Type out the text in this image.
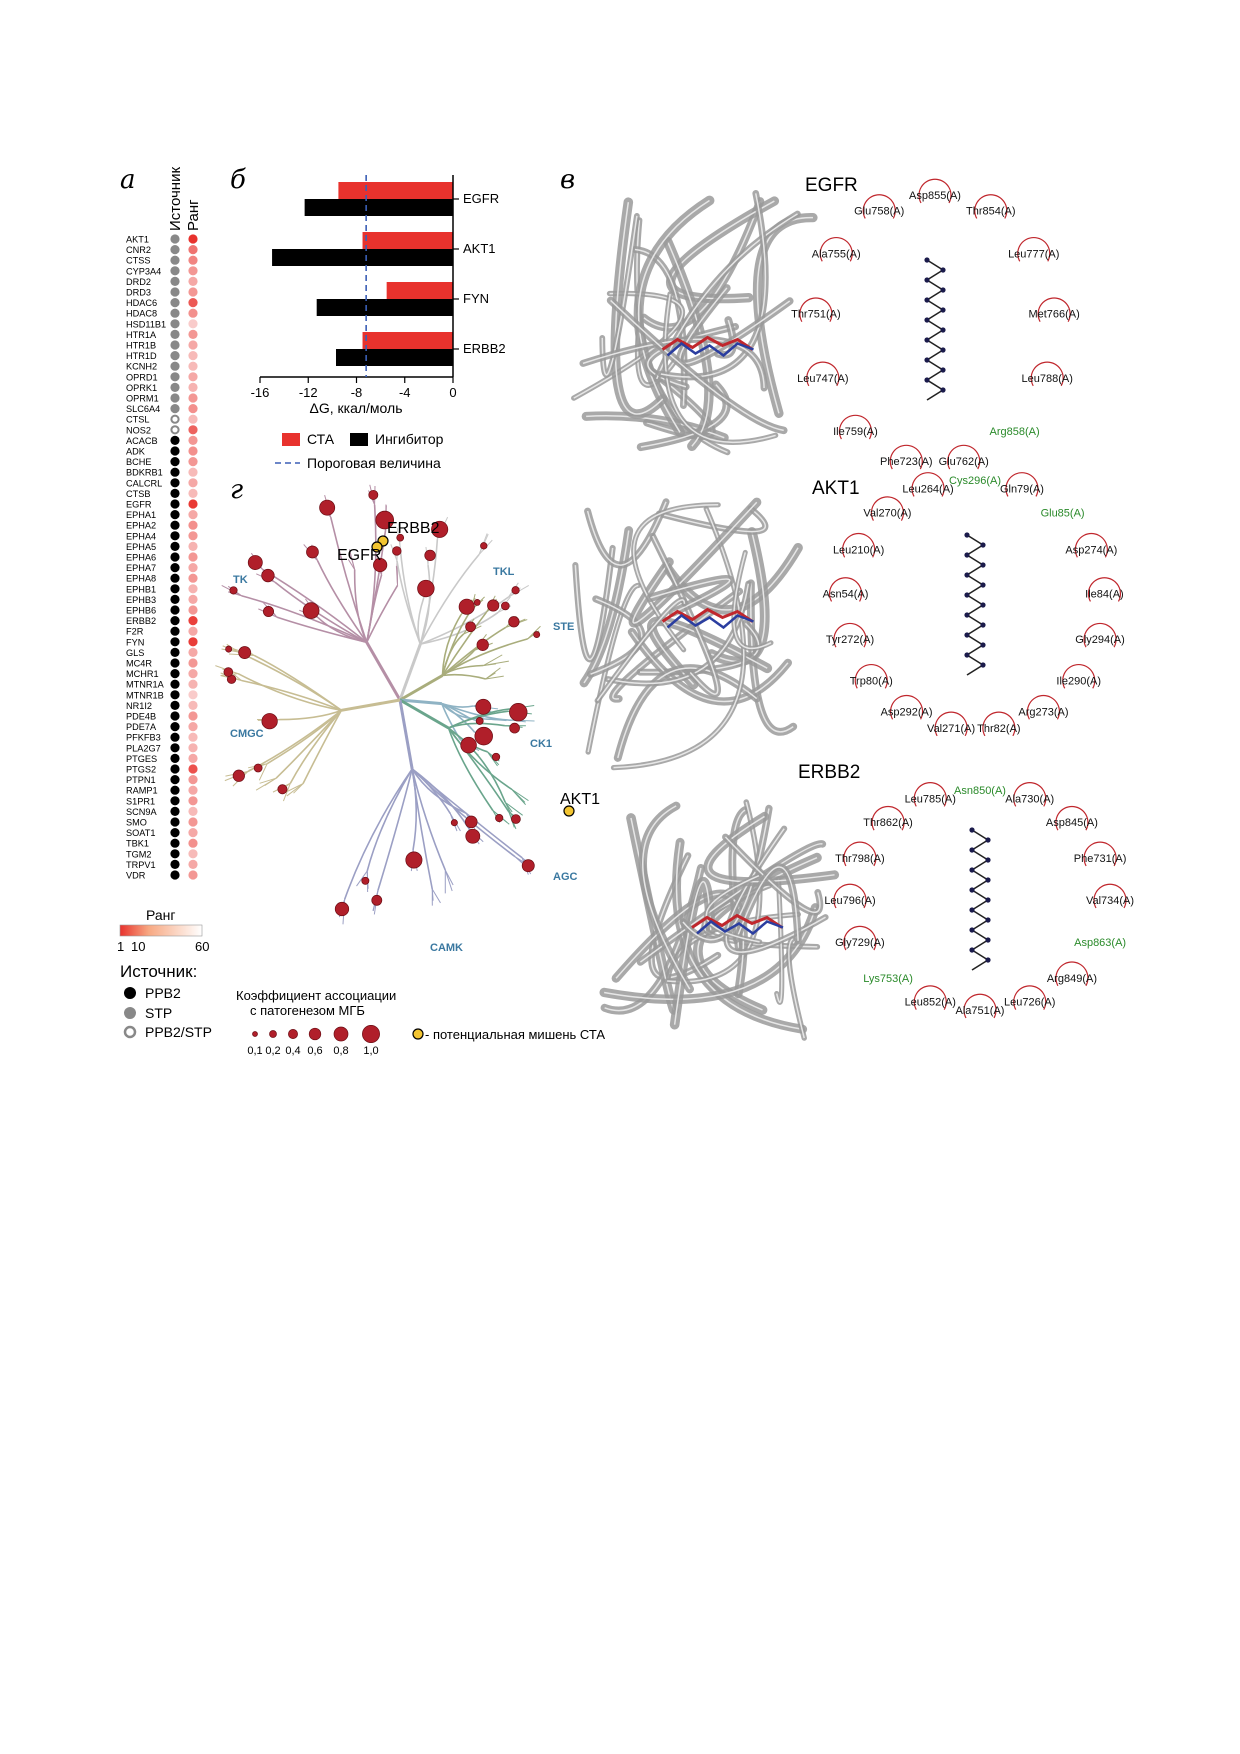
а	б	в
г
Источник Ранг
AKT1
CNR2
CTSS
CYP3A4
DRD2
DRD3
HDAC6
HDAC8
HSD11B1
HTR1A
HTR1B
HTR1D
KCNH2
OPRD1
OPRK1
OPRM1
SLC6A4
CTSL
NOS2
ACACB
ADK
BCHE
BDKRB1
CALCRL
CTSB
EGFR
EPHA1
EPHA2
EPHA4
EPHA5
EPHA6
EPHA7
EPHA8
EPHB1
EPHB3
EPHB6
ERBB2
F2R
FYN
GLS
MC4R
MCHR1
MTNR1A
MTNR1B
NR1I2
PDE4B
PDE7A
PFKFB3
PLA2G7
PTGES
PTGS2
PTPN1
RAMP1
S1PR1
SCN9A
SMO
SOAT1
TBK1
TGM2
TRPV1
VDR
Ранг
1 10	60
Источник:
PPB2
STP
PPB2/STP
-16 -12	-8	-4	0
EGFR
AKT1
FYN
ERBB2
ΔG, ккал/моль
СТА	Ингибитор
Пороговая величина
TK
TKL
STE
CK1
AGC
CAMK
CMGC
ERBB2
EGFR
AKT1
Коэффициент ассоциации
с патогенезом МГБ
0,1 0,2 0,4 0,6 0,8 1,0
- потенциальная мишень СТА
EGFR
AKT1
ERBB2
Asp855(A)
Thr854(A)
Leu777(A)
Met766(A)
Leu788(A)
Arg858(A)
Glu762(A)
Phe723(A)
Ile759(A)
Leu747(A)
Thr751(A)
Ala755(A)
Glu758(A)
Cys296(A)
Gln79(A)
Glu85(A)
Asp274(A)
Ile84(A)
Gly294(A)
Ile290(A)
Arg273(A)
Thr82(A)
Val271(A)
Asp292(A)
Trp80(A)
Tyr272(A)
Asn54(A)
Leu210(A)
Val270(A)
Leu264(A)
Asn850(A)
Ala730(A)
Asp845(A)
Phe731(A)
Val734(A)
Asp863(A)
Arg849(A)
Leu726(A)
Ala751(A)
Leu852(A)
Lys753(A)
Gly729(A)
Leu796(A)
Thr798(A)
Thr862(A)
Leu785(A)
